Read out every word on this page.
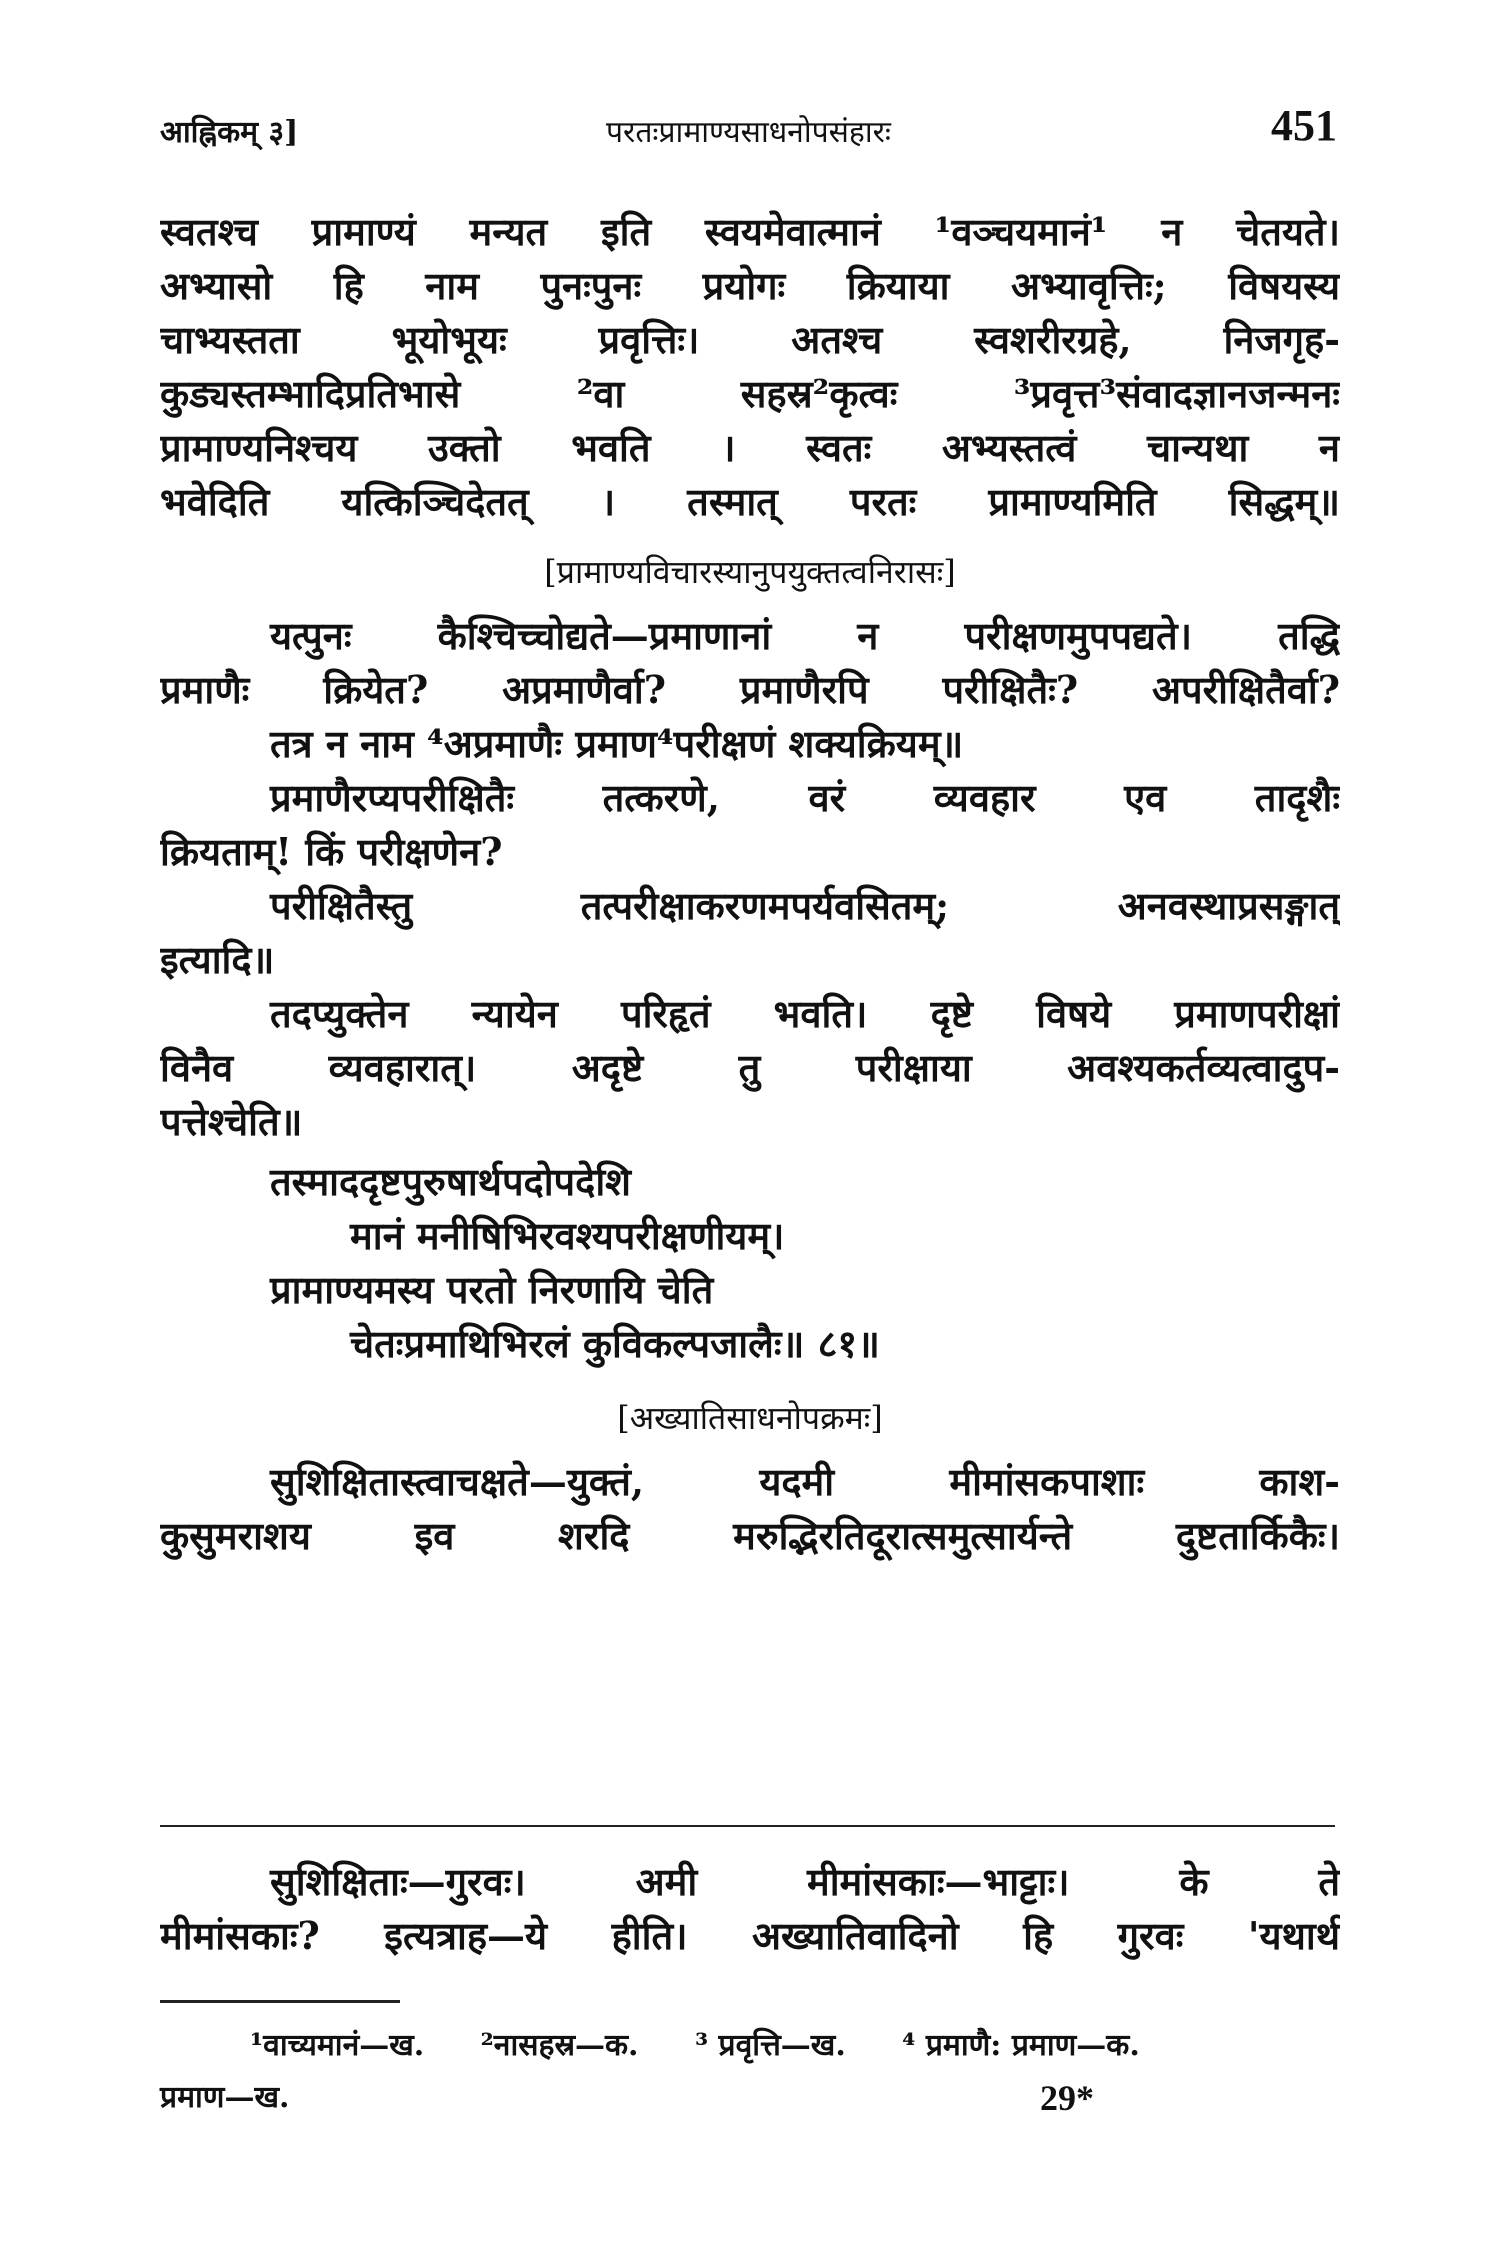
आह्निकम् ३]	परतःप्रामाण्यसाधनोपसंहारः	451
स्वतश्च प्रामाण्यं मन्यत इति स्वयमेवात्मानं ¹वञ्चयमानं¹ न चेतयते।
अभ्यासो हि नाम पुनःपुनः प्रयोगः क्रियाया अभ्यावृत्तिः; विषयस्य
चाभ्यस्तता भूयोभूयः प्रवृत्तिः। अतश्च स्वशरीरग्रहे, निजगृह-
कुड्यस्तम्भादिप्रतिभासे ²वा सहस्र²कृत्वः ³प्रवृत्त³संवादज्ञानजन्मनः
प्रामाण्यनिश्चय उक्तो भवति । स्वतः अभ्यस्तत्वं चान्यथा न
भवेदिति यत्किञ्चिदेतत् । तस्मात् परतः प्रामाण्यमिति सिद्धम्॥
[प्रामाण्यविचारस्यानुपयुक्तत्वनिरासः]
यत्पुनः कैश्चिच्चोद्यते—प्रमाणानां न परीक्षणमुपपद्यते। तद्धि
प्रमाणैः क्रियेत? अप्रमाणैर्वा? प्रमाणैरपि परीक्षितैः? अपरीक्षितैर्वा?
तत्र न नाम ⁴अप्रमाणैः प्रमाण⁴परीक्षणं शक्यक्रियम्॥
प्रमाणैरप्यपरीक्षितैः तत्करणे, वरं व्यवहार एव तादृशैः
क्रियताम्! किं परीक्षणेन?
परीक्षितैस्तु तत्परीक्षाकरणमपर्यवसितम्; अनवस्थाप्रसङ्गात्
इत्यादि॥
तदप्युक्तेन न्यायेन परिहृतं भवति। दृष्टे विषये प्रमाणपरीक्षां
विनैव व्यवहारात्। अदृष्टे तु परीक्षाया अवश्यकर्तव्यत्वादुप-
पत्तेश्चेति॥
तस्माददृष्टपुरुषार्थपदोपदेशि
मानं मनीषिभिरवश्यपरीक्षणीयम्।
प्रामाण्यमस्य परतो निरणायि चेति
चेतःप्रमाथिभिरलं कुविकल्पजालैः॥ ८१॥
[अख्यातिसाधनोपक्रमः]
सुशिक्षितास्त्वाचक्षते—युक्तं, यदमी मीमांसकपाशाः काश-
कुसुमराशय इव शरदि मरुद्भिरतिदूरात्समुत्सार्यन्ते दुष्टतार्किकैः।
सुशिक्षिताः—गुरवः। अमी मीमांसकाः—भाट्टाः। के ते
मीमांसकाः? इत्यत्राह—ये हीति। अख्यातिवादिनो हि गुरवः 'यथार्थ
¹वाच्यमानं—ख. ²नासहस्र—क. ³ प्रवृत्ति—ख. ⁴ प्रमाणै: प्रमाण—क.
प्रमाण—ख.	29*
